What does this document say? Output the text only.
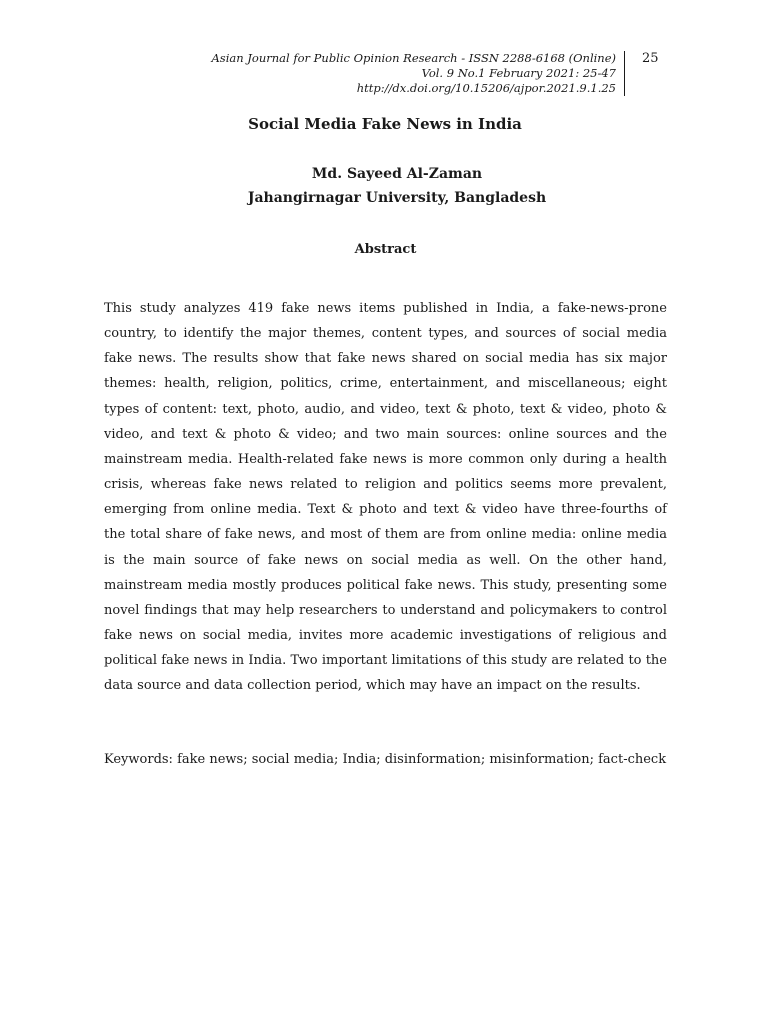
Asian Journal for Public Opinion Research - ISSN 2288-6168 (Online)
Vol. 9 No.1 February 2021: 25-47
http://dx.doi.org/10.15206/ajpor.2021.9.1.25
25
Social Media Fake News in India
Md. Sayeed Al-Zaman
Jahangirnagar University, Bangladesh
Abstract

This study analyzes 419 fake news items published in India, a fake-news-prone country, to identify the major themes, content types, and sources of social media fake news. The results show that fake news shared on social media has six major themes: health, religion, politics, crime, entertainment, and miscellaneous; eight types of content: text, photo, audio, and video, text & photo, text & video, photo & video, and text & photo & video; and two main sources: online sources and the mainstream media. Health-related fake news is more common only during a health crisis, whereas fake news related to religion and politics seems more prevalent, emerging from online media. Text & photo and text & video have three-fourths of the total share of fake news, and most of them are from online media: online media is the main source of fake news on social media as well. On the other hand, mainstream media mostly produces political fake news. This study, presenting some novel findings that may help researchers to understand and policymakers to control fake news on social media, invites more academic investigations of religious and political fake news in India. Two important limitations of this study are related to the data source and data collection period, which may have an impact on the results.

Keywords: fake news; social media; India; disinformation; misinformation; fact-check
